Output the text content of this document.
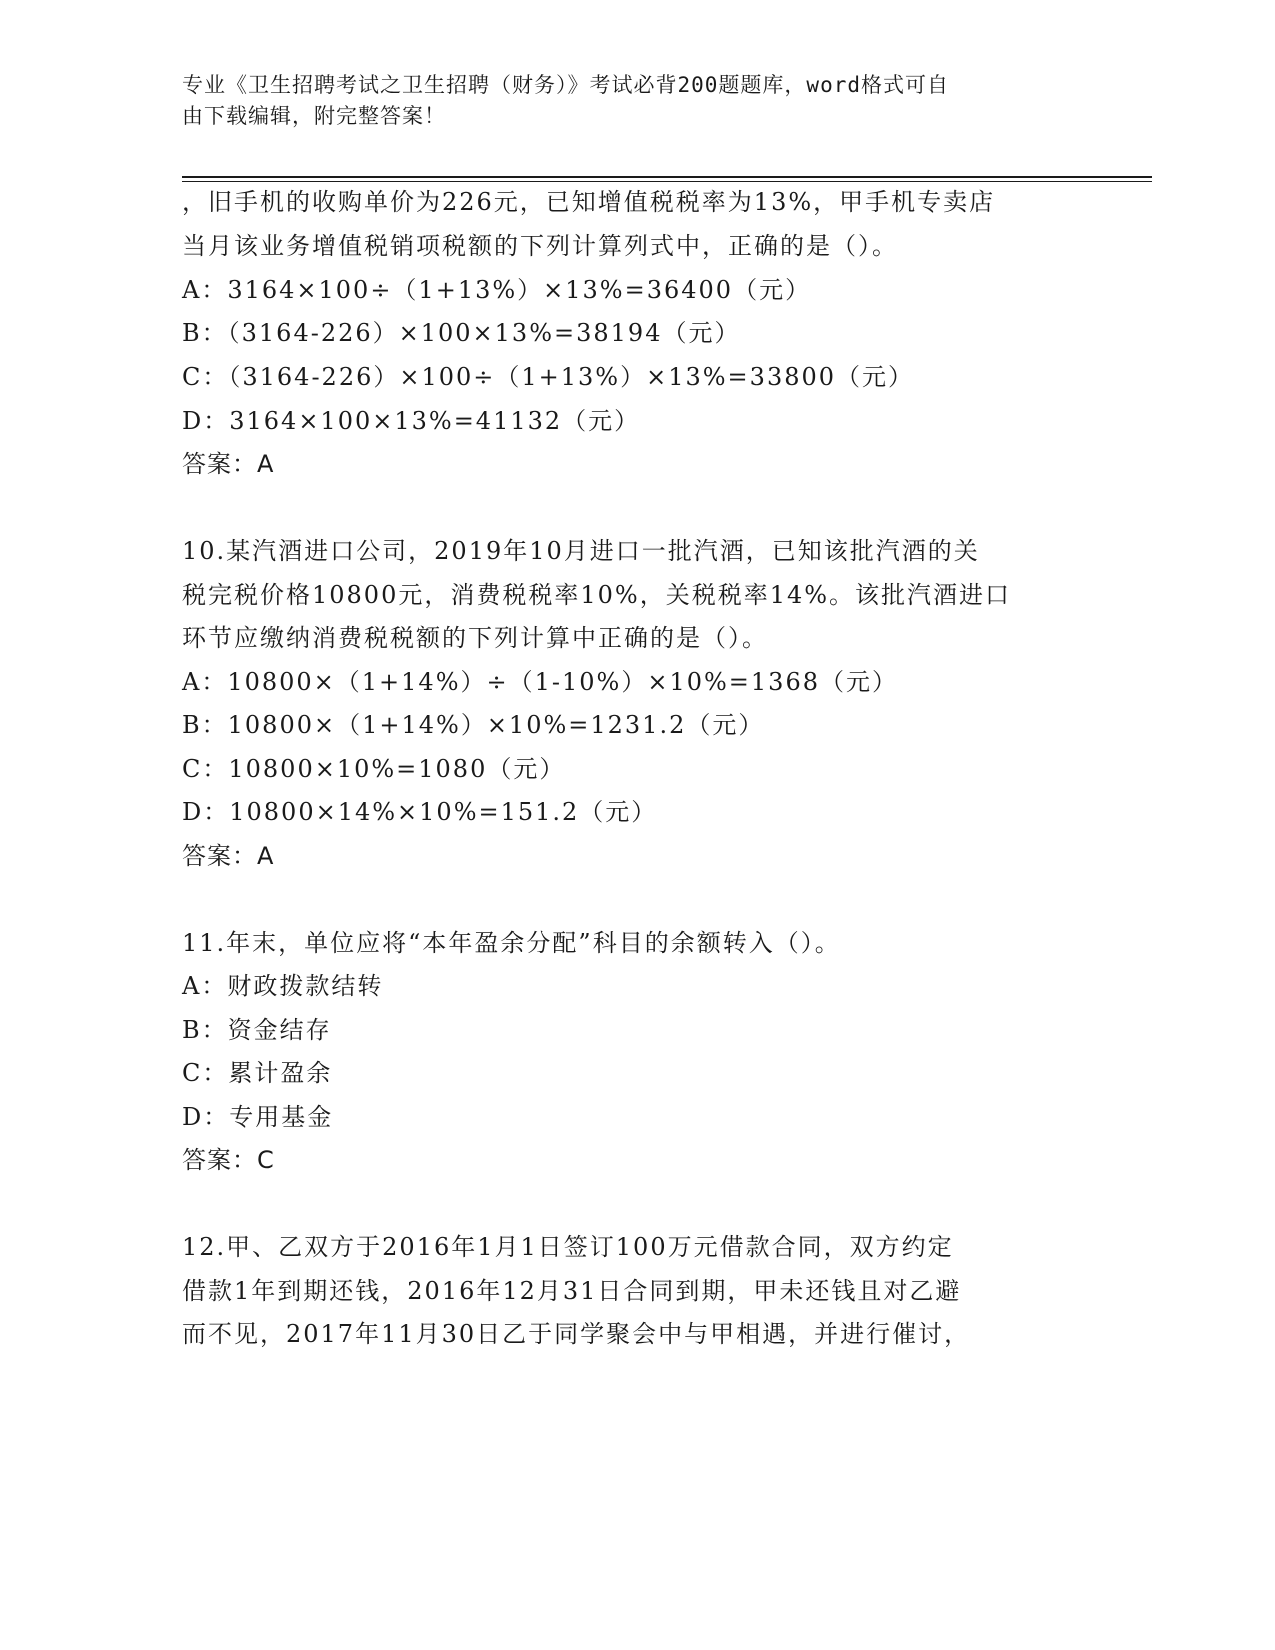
专业《卫生招聘考试之卫生招聘（财务）》考试必背200题题库，word格式可自
由下载编辑，附完整答案！
，旧手机的收购单价为226元，已知增值税税率为13%，甲手机专卖店
当月该业务增值税销项税额的下列计算列式中，正确的是（）。
A：3164×100÷（1+13%）×13%=36400（元）
B：（3164-226）×100×13%=38194（元）
C：（3164-226）×100÷（1+13%）×13%=33800（元）
D：3164×100×13%=41132（元）
答案：A
10.某汽酒进口公司，2019年10月进口一批汽酒，已知该批汽酒的关
税完税价格10800元，消费税税率10%，关税税率14%。该批汽酒进口
环节应缴纳消费税税额的下列计算中正确的是（）。
A：10800×（1+14%）÷（1-10%）×10%=1368（元）
B：10800×（1+14%）×10%=1231.2（元）
C：10800×10%=1080（元）
D：10800×14%×10%=151.2（元）
答案：A
11.年末，单位应将“本年盈余分配”科目的余额转入（）。
A：财政拨款结转
B：资金结存
C：累计盈余
D：专用基金
答案：C
12.甲、乙双方于2016年1月1日签订100万元借款合同，双方约定
借款1年到期还钱，2016年12月31日合同到期，甲未还钱且对乙避
而不见，2017年11月30日乙于同学聚会中与甲相遇，并进行催讨，
